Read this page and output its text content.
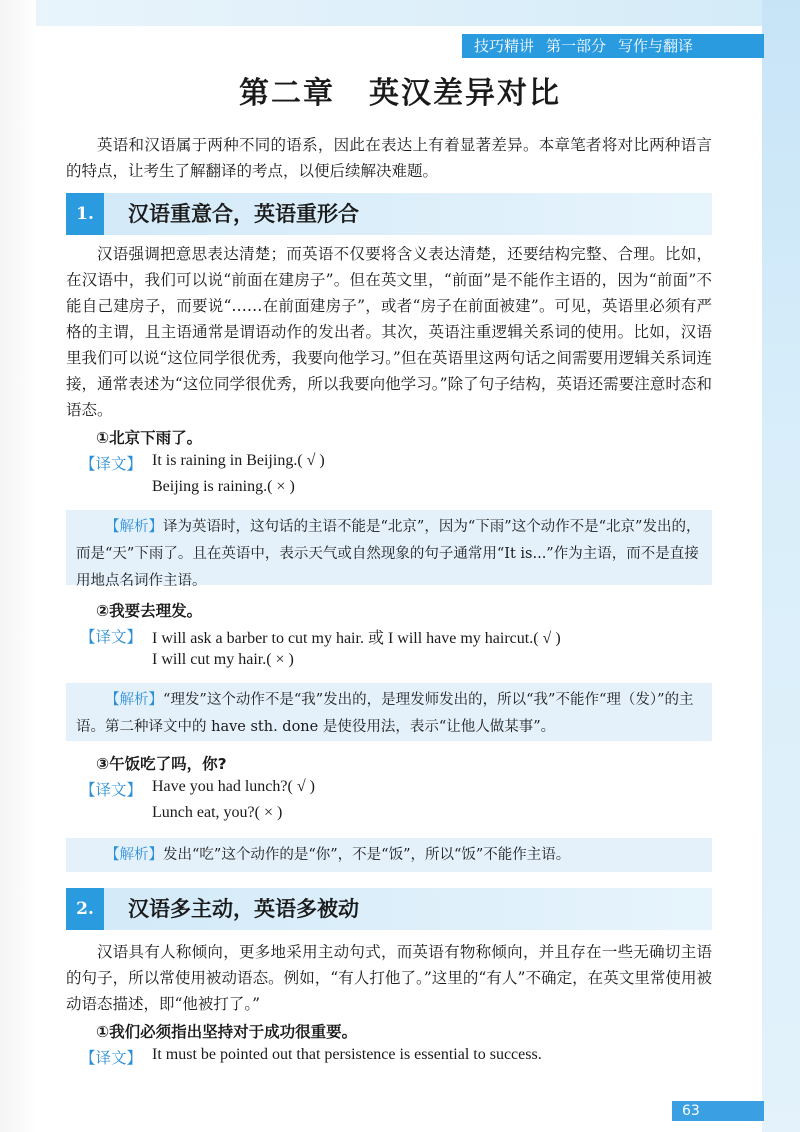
技巧精讲 第一部分 写作与翻译
第二章 英汉差异对比
英语和汉语属于两种不同的语系，因此在表达上有着显著差异。本章笔者将对比两种语言的特点，让考生了解翻译的考点，以便后续解决难题。
1.	汉语重意合，英语重形合
汉语强调把意思表达清楚；而英语不仅要将含义表达清楚，还要结构完整、合理。比如，在汉语中，我们可以说“前面在建房子”。但在英文里，“前面”是不能作主语的，因为“前面”不能自己建房子，而要说“……在前面建房子”，或者“房子在前面被建”。可见，英语里必须有严格的主谓，且主语通常是谓语动作的发出者。其次，英语注重逻辑关系词的使用。比如，汉语里我们可以说“这位同学很优秀，我要向他学习。”但在英语里这两句话之间需要用逻辑关系词连接，通常表述为“这位同学很优秀，所以我要向他学习。”除了句子结构，英语还需要注意时态和语态。
①北京下雨了。
【译文】 It is raining in Beijing.( √ )
Beijing is raining.( × )
【解析】译为英语时，这句话的主语不能是“北京”，因为“下雨”这个动作不是“北京”发出的，而是“天”下雨了。且在英语中，表示天气或自然现象的句子通常用“It is...”作为主语，而不是直接用地点名词作主语。
②我要去理发。
【译文】 I will ask a barber to cut my hair. 或 I will have my haircut.( √ )
I will cut my hair.( × )
【解析】“理发”这个动作不是“我”发出的，是理发师发出的，所以“我”不能作“理（发）”的主语。第二种译文中的 have sth. done 是使役用法，表示“让他人做某事”。
③午饭吃了吗，你?
【译文】 Have you had lunch?( √ )
Lunch eat, you?( × )
【解析】发出“吃”这个动作的是“你”，不是“饭”，所以“饭”不能作主语。
2.	汉语多主动，英语多被动
汉语具有人称倾向，更多地采用主动句式，而英语有物称倾向，并且存在一些无确切主语的句子，所以常使用被动语态。例如，“有人打他了。”这里的“有人”不确定，在英文里常使用被动语态描述，即“他被打了。”
①我们必须指出坚持对于成功很重要。
【译文】 It must be pointed out that persistence is essential to success.
63
